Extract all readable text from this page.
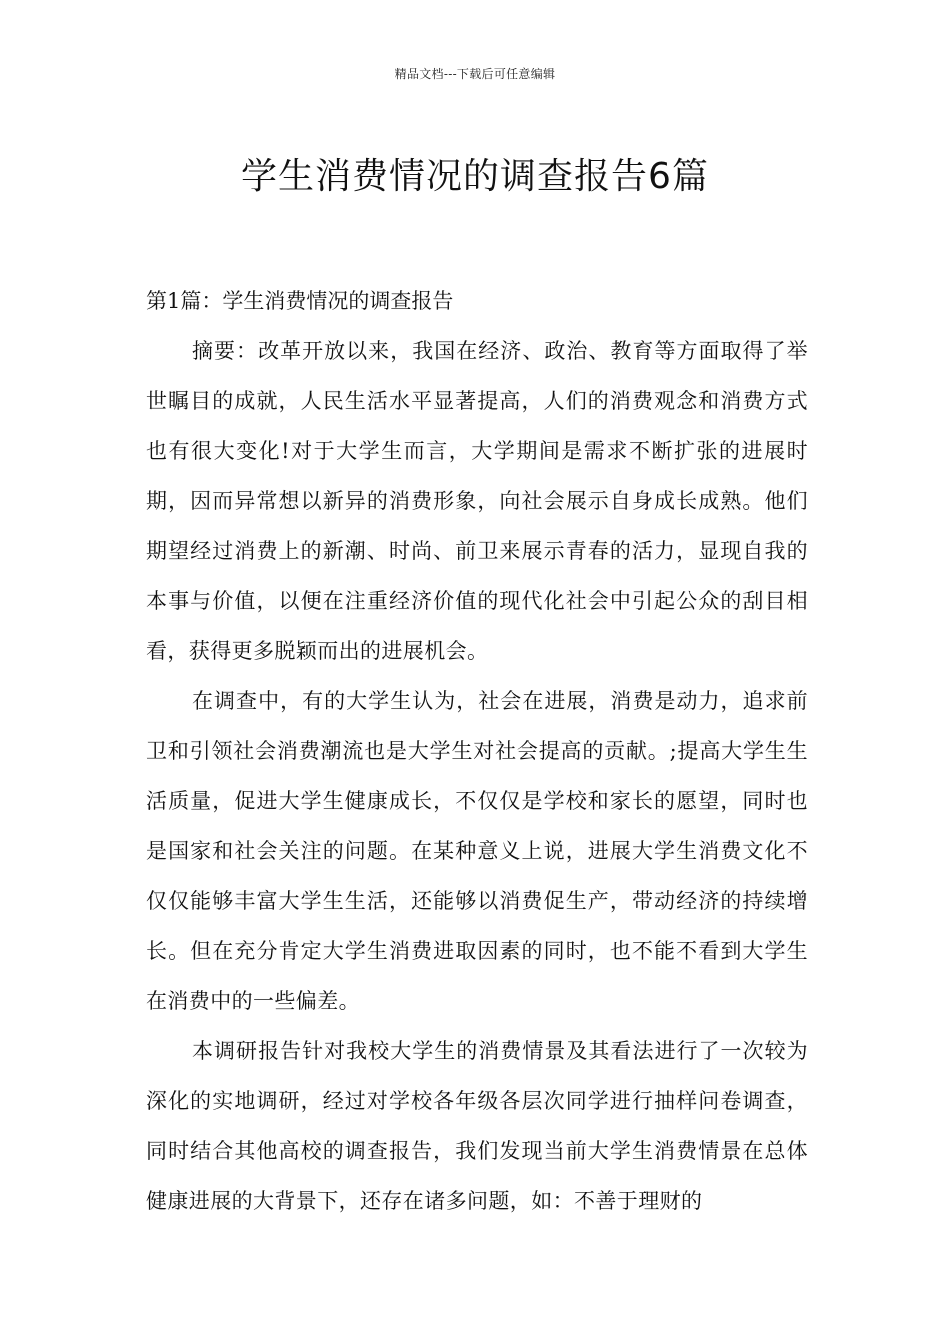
精品文档---下载后可任意编辑
学生消费情况的调查报告6篇

第1篇：学生消费情况的调查报告

摘要：改革开放以来，我国在经济、政治、教育等方面取得了举世瞩目的成就，人民生活水平显著提高，人们的消费观念和消费方式也有很大变化!对于大学生而言，大学期间是需求不断扩张的进展时期，因而异常想以新异的消费形象，向社会展示自身成长成熟。他们期望经过消费上的新潮、时尚、前卫来展示青春的活力，显现自我的本事与价值，以便在注重经济价值的现代化社会中引起公众的刮目相看，获得更多脱颖而出的进展机会。

在调查中，有的大学生认为，社会在进展，消费是动力，追求前卫和引领社会消费潮流也是大学生对社会提高的贡献。;提高大学生生活质量，促进大学生健康成长，不仅仅是学校和家长的愿望，同时也是国家和社会关注的问题。在某种意义上说，进展大学生消费文化不仅仅能够丰富大学生生活，还能够以消费促生产，带动经济的持续增长。但在充分肯定大学生消费进取因素的同时，也不能不看到大学生在消费中的一些偏差。

本调研报告针对我校大学生的消费情景及其看法进行了一次较为深化的实地调研，经过对学校各年级各层次同学进行抽样问卷调查，同时结合其他高校的调查报告，我们发现当前大学生消费情景在总体健康进展的大背景下，还存在诸多问题，如：不善于理财的
